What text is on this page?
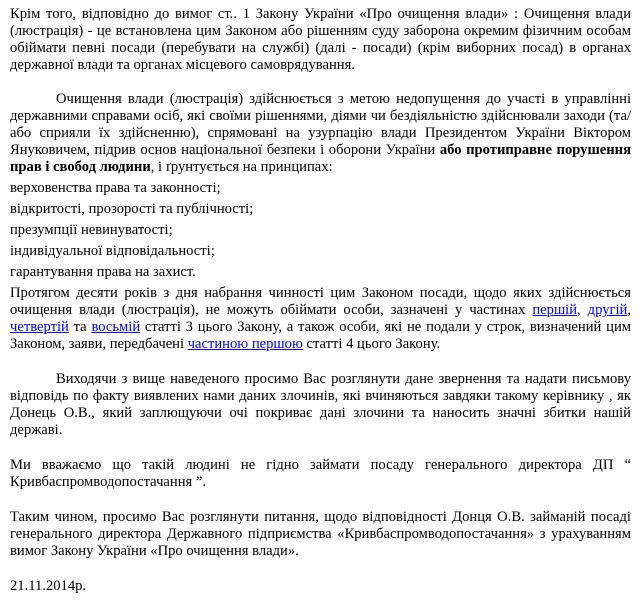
Крім того, відповідно до вимог ст.. 1 Закону України «Про очищення влади» : Очищення влади (люстрація) - це встановлена цим Законом або рішенням суду заборона окремим фізичним особам обіймати певні посади (перебувати на службі) (далі - посади) (крім виборних посад) в органах державної влади та органах місцевого самоврядування.

Очищення влади (люстрація) здійснюється з метою недопущення до участі в управлінні державними справами осіб, які своїми рішеннями, діями чи бездіяльністю здійснювали заходи (та/або сприяли їх здійсненню), спрямовані на узурпацію влади Президентом України Віктором Януковичем, підрив основ національної безпеки і оборони України або протиправне порушення прав і свобод людини, і ґрунтується на принципах:

верховенства права та законності;

відкритості, прозорості та публічності;

презумпції невинуватості;

індивідуальної відповідальності;

гарантування права на захист.

Протягом десяти років з дня набрання чинності цим Законом посади, щодо яких здійснюється очищення влади (люстрація), не можуть обіймати особи, зазначені у частинах першій, другій, четвертій та восьмій статті 3 цього Закону, а також особи, які не подали у строк, визначений цим Законом, заяви, передбачені частиною першою статті 4 цього Закону.

Виходячи з вище наведеного просимо Вас розглянути дане звернення та надати письмову відповідь по факту виявлених нами даних злочинів, які вчиняються завдяки такому керівнику , як Донець О.В., який заплющуючи очі покриває дані злочини та наносить значні збитки нашій державі.

Ми вважаємо що такій людині не гідно займати посаду генерального директора ДП “ Кривбаспромводопостачання ”.

Таким чином, просимо Вас розглянути питання, щодо відповідності Донця О.В. займаній посаді генерального директора Державного підприємства «Кривбаспромводопостачання» з урахуванням вимог Закону України «Про очищення влади».

21.11.2014р.
